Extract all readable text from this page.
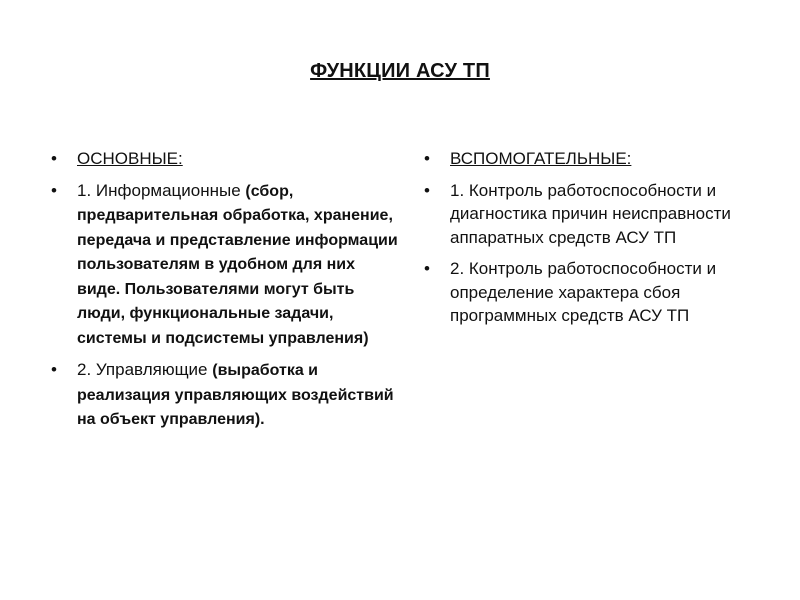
ФУНКЦИИ АСУ ТП
• ОСНОВНЫЕ:
• 1. Информационные (сбор, предварительная обработка, хранение, передача и представление информации пользователям в удобном для них виде. Пользователями могут быть люди, функциональные задачи, системы и подсистемы управления)
• 2. Управляющие (выработка и реализация управляющих воздействий на объект управления).
• ВСПОМОГАТЕЛЬНЫЕ:
• 1. Контроль работоспособности и диагностика причин неисправности аппаратных средств АСУ ТП
• 2. Контроль работоспособности и определение характера сбоя программных средств АСУ ТП
